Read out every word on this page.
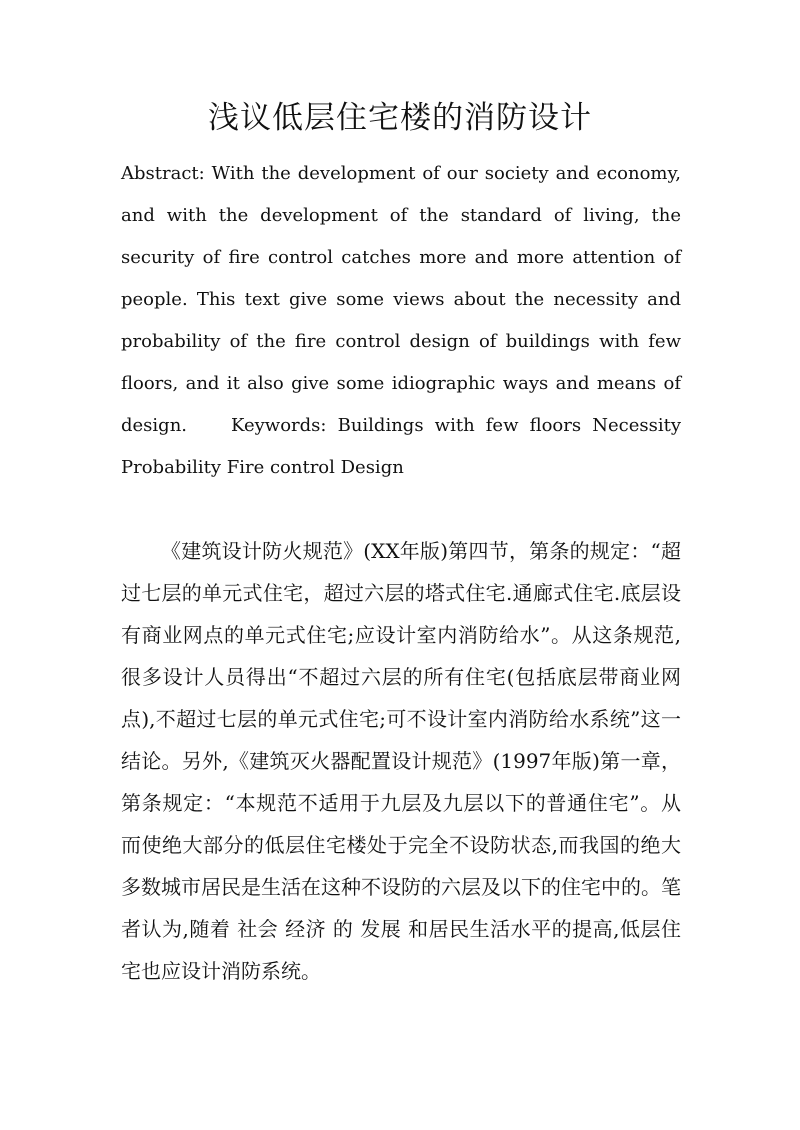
浅议低层住宅楼的消防设计

Abstract: With the development of our society and economy, and with the development of the standard of living, the security of fire control catches more and more attention of people. This text give some views about the necessity and probability of the fire control design of buildings with few floors, and it also give some idiographic ways and means of design. Keywords: Buildings with few floors Necessity Probability Fire control Design

《建筑设计防火规范》(XX年版)第四节，第条的规定：“超过七层的单元式住宅，超过六层的塔式住宅.通廊式住宅.底层设有商业网点的单元式住宅;应设计室内消防给水”。从这条规范,很多设计人员得出“不超过六层的所有住宅(包括底层带商业网点),不超过七层的单元式住宅;可不设计室内消防给水系统”这一结论。另外,《建筑灭火器配置设计规范》(1997年版)第一章，第条规定：“本规范不适用于九层及九层以下的普通住宅”。从而使绝大部分的低层住宅楼处于完全不设防状态,而我国的绝大多数城市居民是生活在这种不设防的六层及以下的住宅中的。笔者认为,随着 社会 经济 的 发展 和居民生活水平的提高,低层住宅也应设计消防系统。
